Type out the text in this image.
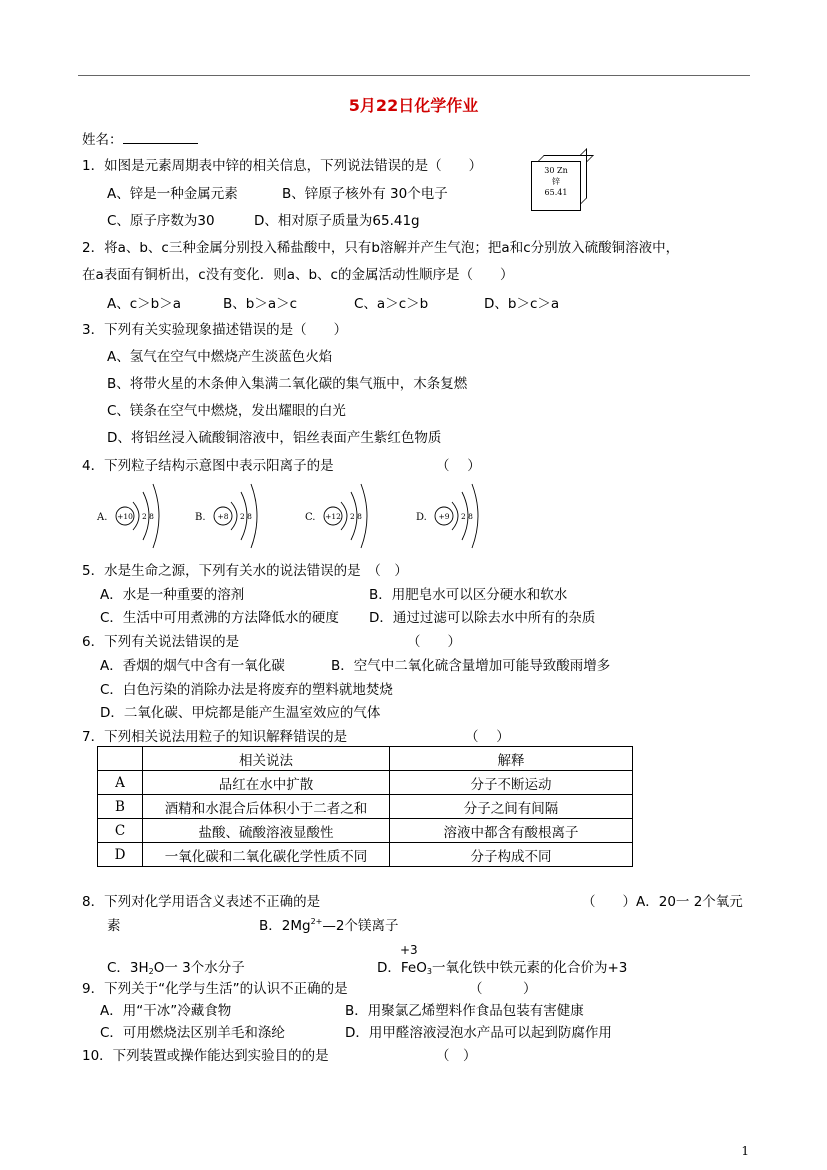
5月22日化学作业
姓名：
1．如图是元素周期表中锌的相关信息，下列说法错误的是（　　）
A、锌是一种金属元素	B、锌原子核外有 30个电子
C、原子序数为30	D、相对原子质量为65.41g
30 Zn
锌
65.41
2．将a、b、c三种金属分别投入稀盐酸中，只有b溶解并产生气泡；把a和c分别放入硫酸铜溶液中，
在a表面有铜析出，c没有变化．则a、b、c的金属活动性顺序是（　　）
A、c＞b＞a	B、b＞a＞c	C、a＞c＞b	D、b＞c＞a
3．下列有关实验现象描述错误的是（　　）
A、氢气在空气中燃烧产生淡蓝色火焰
B、将带火星的木条伸入集满二氧化碳的集气瓶中，木条复燃
C、镁条在空气中燃烧，发出耀眼的白光
D、将铝丝浸入硫酸铜溶液中，铝丝表面产生紫红色物质
4．下列粒子结构示意图中表示阳离子的是	（　 ）
A. +10 2 8	B. +8 2 8	C. +12 2 8	D. +9 2 8
5．水是生命之源，下列有关水的说法错误的是　（　）
A．水是一种重要的溶剂	B．用肥皂水可以区分硬水和软水
C．生活中可用煮沸的方法降低水的硬度 D．通过过滤可以除去水中所有的杂质
6．下列有关说法错误的是	（　　）
A．香烟的烟气中含有一氧化碳	B．空气中二氧化硫含量增加可能导致酸雨增多
C．白色污染的消除办法是将废弃的塑料就地焚烧
D．二氧化碳、甲烷都是能产生温室效应的气体
7．下列相关说法用粒子的知识解释错误的是	（　 ）
	相关说法	解释
A	品红在水中扩散	分子不断运动
B	酒精和水混合后体积小于二者之和	分子之间有间隔
C	盐酸、硫酸溶液显酸性	溶液中都含有酸根离子
D	一氧化碳和二氧化碳化学性质不同	分子构成不同
8．下列对化学用语含义表述不正确的是	（　　）A．20一 2个氧元
素	B．$2Mg^{2+}—2$个镁离子
C．$3H_2O$一 3个水分子	D．FeO$_3$一氧化铁中铁元素的化合价为+3
+3
9．下列关于“化学与生活”的认识不正确的是	（　　　）
A．用“干冰”冷藏食物	B．用聚氯乙烯塑料作食品包装有害健康
C．可用燃烧法区别羊毛和涤纶	D．用甲醛溶液浸泡水产品可以起到防腐作用
10．下列装置或操作能达到实验目的的是	（　）
1
